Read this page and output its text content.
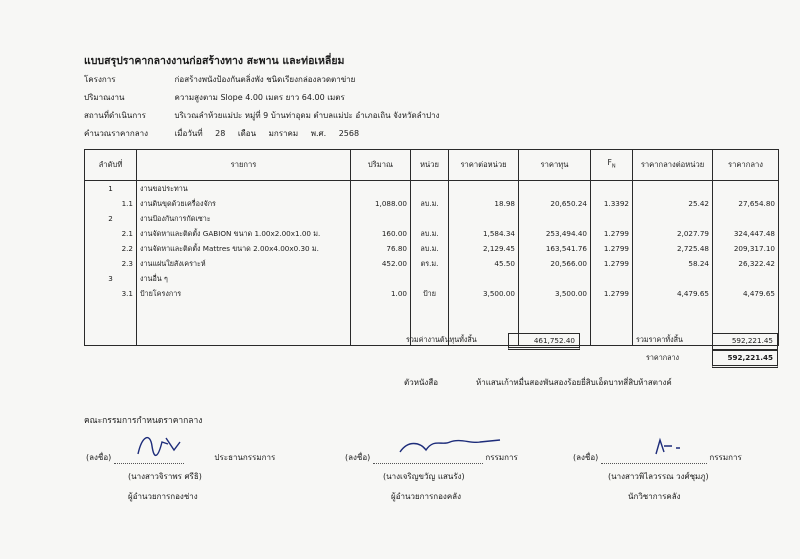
แบบสรุปราคากลางงานก่อสร้างทาง สะพาน และท่อเหลี่ยม
โครงการ	ก่อสร้างพนังป้องกันตลิ่งพัง ชนิดเรียงกล่องลวดตาข่าย
ปริมาณงาน	ความสูงตาม Slope 4.00 เมตร ยาว 64.00 เมตร
สถานที่ดำเนินการ	บริเวณลำห้วยแม่ปะ หมู่ที่ 9 บ้านท่าอุดม ตำบลแม่ปะ อำเภอเถิน จังหวัดลำปาง
คำนวณราคากลาง	เมื่อวันที่ 28 เดือน มกราคม พ.ศ. 2568
ลำดับที่	รายการ	ปริมาณ	หน่วย	ราคาต่อหน่วย	ราคาทุน	$F_N$	ราคากลางต่อหน่วย	ราคากลาง
1	งานขอประทาน							
1.1	งานดินขุดด้วยเครื่องจักร	1,088.00	ลบ.ม.	18.98	20,650.24	1.3392	25.42	27,654.80
2	งานป้องกันการกัดเซาะ							
2.1	งานจัดหาและติดตั้ง GABION ขนาด 1.00x2.00x1.00 ม.	160.00	ลบ.ม.	1,584.34	253,494.40	1.2799	2,027.79	324,447.48
2.2	งานจัดหาและติดตั้ง Mattres ขนาด 2.00x4.00x0.30 ม.	76.80	ลบ.ม.	2,129.45	163,541.76	1.2799	2,725.48	209,317.10
2.3	งานแผ่นใยสังเคราะห์	452.00	ตร.ม.	45.50	20,566.00	1.2799	58.24	26,322.42
3	งานอื่น ๆ							
3.1	ป้ายโครงการ	1.00	ป้าย	3,500.00	3,500.00	1.2799	4,479.65	4,479.65

รวมค่างานต้นทุนทั้งสิ้น	461,752.40	รวมราคาทั้งสิ้น	592,221.45
ราคากลาง	592,221.45
ตัวหนังสือ	ห้าแสนเก้าหมื่นสองพันสองร้อยยี่สิบเอ็ดบาทสี่สิบห้าสตางค์
คณะกรรมการกำหนดราคากลาง
(ลงชื่อ)	ประธานกรรมการ
(นางสาวจิราพร ศรีธิ)
ผู้อำนวยการกองช่าง
(ลงชื่อ)	กรรมการ
(นางเจริญขวัญ แสนรัง)
ผู้อำนวยการกองคลัง
(ลงชื่อ)	กรรมการ
(นางสาวพิไลวรรณ วงศ์ชุมภู)
นักวิชาการคลัง
